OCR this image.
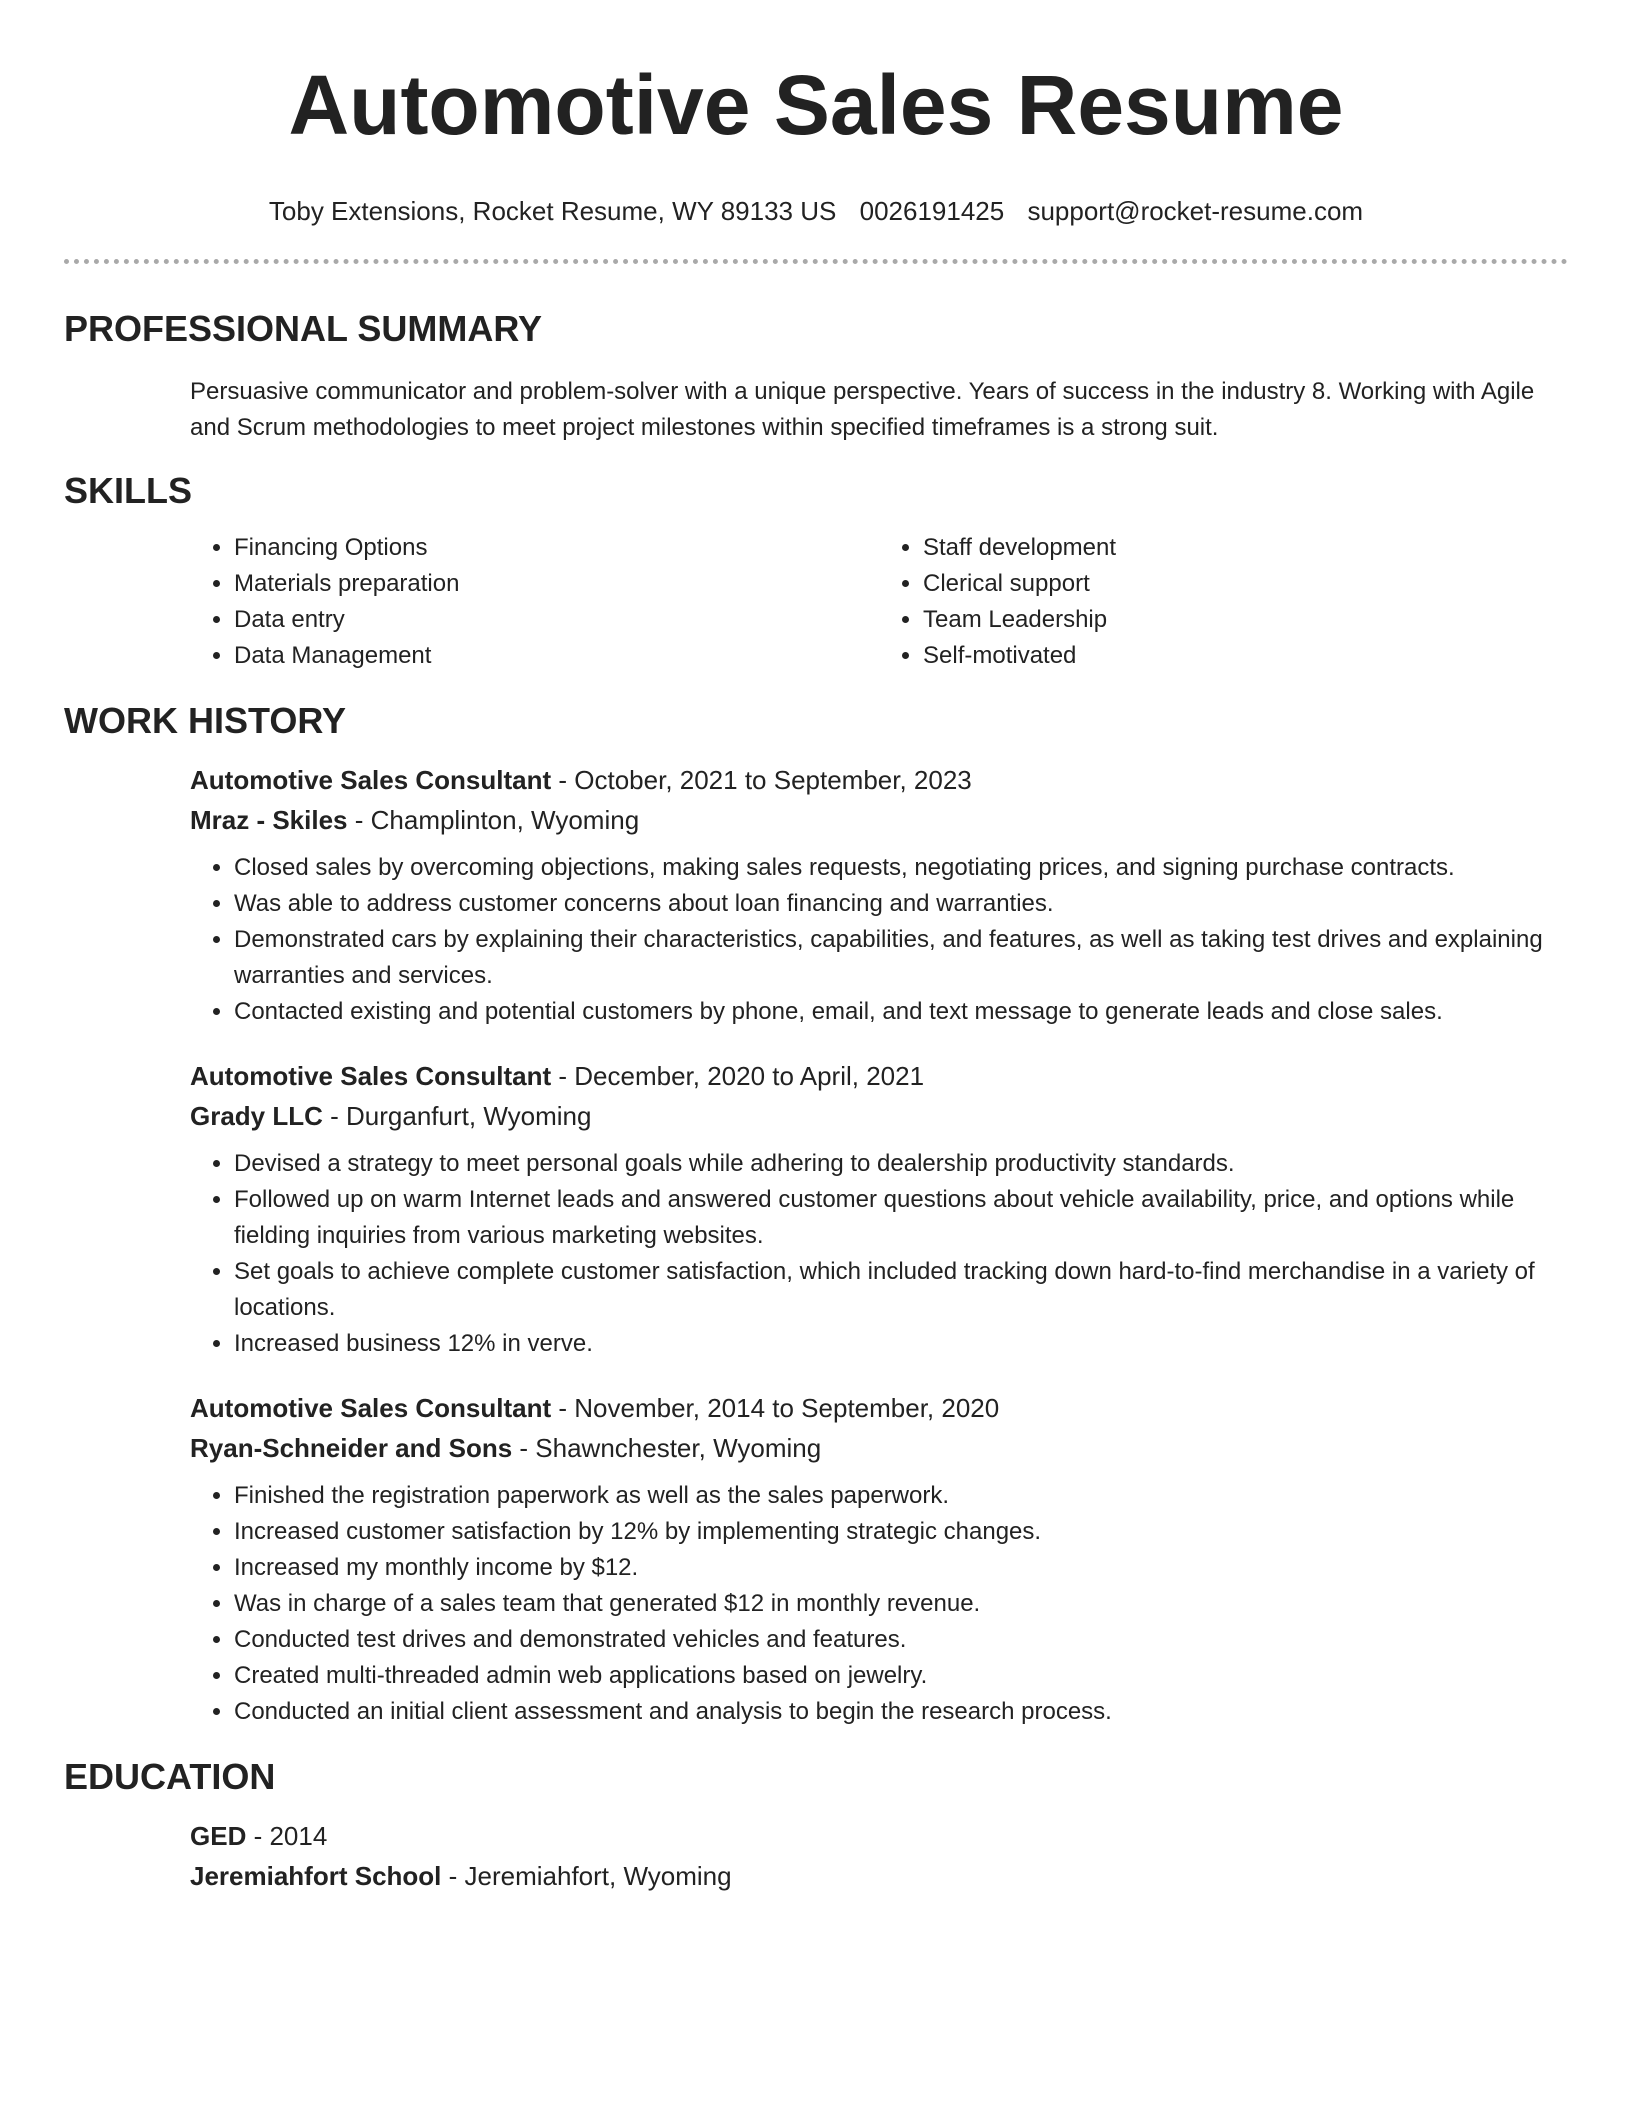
Automotive Sales Resume
Toby Extensions, Rocket Resume, WY 89133 US 0026191425 support@rocket-resume.com
PROFESSIONAL SUMMARY

Persuasive communicator and problem-solver with a unique perspective. Years of success in the industry 8. Working with Agile and Scrum methodologies to meet project milestones within specified timeframes is a strong suit.

SKILLS
• Financing Options
• Materials preparation
• Data entry
• Data Management
• Staff development
• Clerical support
• Team Leadership
• Self-motivated
WORK HISTORY
Automotive Sales Consultant - October, 2021 to September, 2023
Mraz - Skiles - Champlinton, Wyoming
• Closed sales by overcoming objections, making sales requests, negotiating prices, and signing purchase contracts.
• Was able to address customer concerns about loan financing and warranties.
• Demonstrated cars by explaining their characteristics, capabilities, and features, as well as taking test drives and explaining warranties and services.
• Contacted existing and potential customers by phone, email, and text message to generate leads and close sales.
Automotive Sales Consultant - December, 2020 to April, 2021
Grady LLC - Durganfurt, Wyoming
• Devised a strategy to meet personal goals while adhering to dealership productivity standards.
• Followed up on warm Internet leads and answered customer questions about vehicle availability, price, and options while fielding inquiries from various marketing websites.
• Set goals to achieve complete customer satisfaction, which included tracking down hard-to-find merchandise in a variety of locations.
• Increased business 12% in verve.
Automotive Sales Consultant - November, 2014 to September, 2020
Ryan-Schneider and Sons - Shawnchester, Wyoming
• Finished the registration paperwork as well as the sales paperwork.
• Increased customer satisfaction by 12% by implementing strategic changes.
• Increased my monthly income by $12.
• Was in charge of a sales team that generated $12 in monthly revenue.
• Conducted test drives and demonstrated vehicles and features.
• Created multi-threaded admin web applications based on jewelry.
• Conducted an initial client assessment and analysis to begin the research process.
EDUCATION
GED - 2014
Jeremiahfort School - Jeremiahfort, Wyoming
